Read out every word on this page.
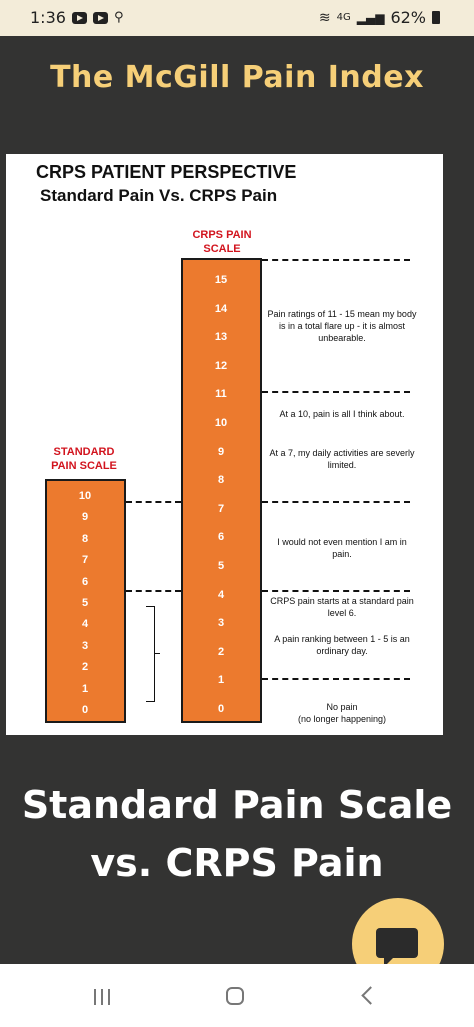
1:36	⚲	≋ 4G ▂▄▆ 62%
The McGill Pain Index
CRPS PATIENT PERSPECTIVE
Standard Pain Vs. CRPS Pain
CRPS PAIN
SCALE
STANDARD
PAIN SCALE
15
14
13
12
11
10
9
8
7
6
5
4
3
2
1
0
10
9
8
7
6
5
4
3
2
1
0
Pain ratings of 11 - 15 mean my body is in a total flare up - it is almost unbearable.
At a 10, pain is all I think about.
At a 7, my daily activities are severly limited.
I would not even mention I am in pain.
CRPS pain starts at a standard pain level 6.
A pain ranking between 1 - 5 is an ordinary day.
No pain
(no longer happening)
Standard Pain Scale
vs. CRPS Pain
